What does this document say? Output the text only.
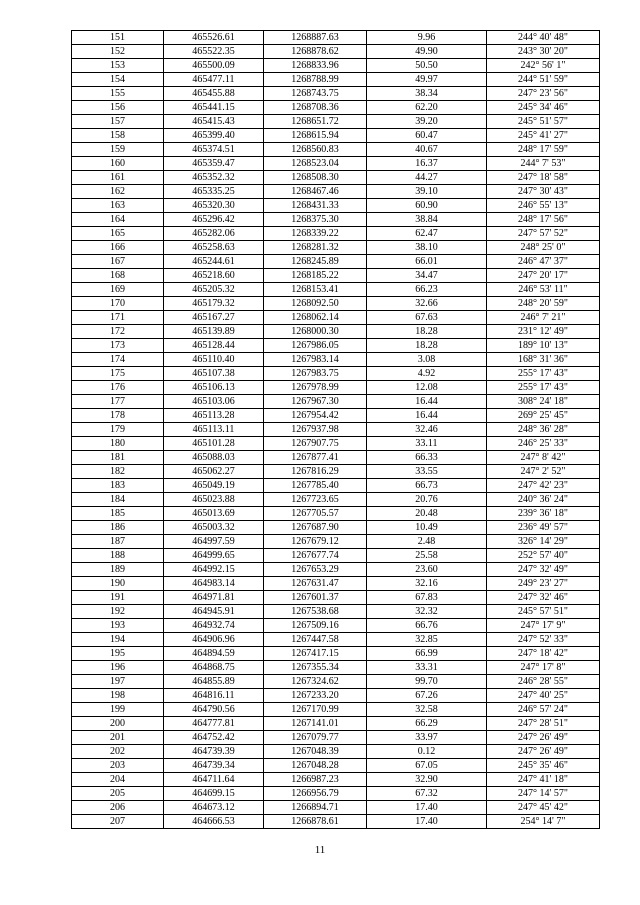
151	465526.61	1268887.63	9.96	244° 40' 48"
152	465522.35	1268878.62	49.90	243° 30' 20"
153	465500.09	1268833.96	50.50	242° 56' 1"
154	465477.11	1268788.99	49.97	244° 51' 59"
155	465455.88	1268743.75	38.34	247° 23' 56"
156	465441.15	1268708.36	62.20	245° 34' 46"
157	465415.43	1268651.72	39.20	245° 51' 57"
158	465399.40	1268615.94	60.47	245° 41' 27"
159	465374.51	1268560.83	40.67	248° 17' 59"
160	465359.47	1268523.04	16.37	244° 7' 53"
161	465352.32	1268508.30	44.27	247° 18' 58"
162	465335.25	1268467.46	39.10	247° 30' 43"
163	465320.30	1268431.33	60.90	246° 55' 13"
164	465296.42	1268375.30	38.84	248° 17' 56"
165	465282.06	1268339.22	62.47	247° 57' 52"
166	465258.63	1268281.32	38.10	248° 25' 0"
167	465244.61	1268245.89	66.01	246° 47' 37"
168	465218.60	1268185.22	34.47	247° 20' 17"
169	465205.32	1268153.41	66.23	246° 53' 11"
170	465179.32	1268092.50	32.66	248° 20' 59"
171	465167.27	1268062.14	67.63	246° 7' 21"
172	465139.89	1268000.30	18.28	231° 12' 49"
173	465128.44	1267986.05	18.28	189° 10' 13"
174	465110.40	1267983.14	3.08	168° 31' 36"
175	465107.38	1267983.75	4.92	255° 17' 43"
176	465106.13	1267978.99	12.08	255° 17' 43"
177	465103.06	1267967.30	16.44	308° 24' 18"
178	465113.28	1267954.42	16.44	269° 25' 45"
179	465113.11	1267937.98	32.46	248° 36' 28"
180	465101.28	1267907.75	33.11	246° 25' 33"
181	465088.03	1267877.41	66.33	247° 8' 42"
182	465062.27	1267816.29	33.55	247° 2' 52"
183	465049.19	1267785.40	66.73	247° 42' 23"
184	465023.88	1267723.65	20.76	240° 36' 24"
185	465013.69	1267705.57	20.48	239° 36' 18"
186	465003.32	1267687.90	10.49	236° 49' 57"
187	464997.59	1267679.12	2.48	326° 14' 29"
188	464999.65	1267677.74	25.58	252° 57' 40"
189	464992.15	1267653.29	23.60	247° 32' 49"
190	464983.14	1267631.47	32.16	249° 23' 27"
191	464971.81	1267601.37	67.83	247° 32' 46"
192	464945.91	1267538.68	32.32	245° 57' 51"
193	464932.74	1267509.16	66.76	247° 17' 9"
194	464906.96	1267447.58	32.85	247° 52' 33"
195	464894.59	1267417.15	66.99	247° 18' 42"
196	464868.75	1267355.34	33.31	247° 17' 8"
197	464855.89	1267324.62	99.70	246° 28' 55"
198	464816.11	1267233.20	67.26	247° 40' 25"
199	464790.56	1267170.99	32.58	246° 57' 24"
200	464777.81	1267141.01	66.29	247° 28' 51"
201	464752.42	1267079.77	33.97	247° 26' 49"
202	464739.39	1267048.39	0.12	247° 26' 49"
203	464739.34	1267048.28	67.05	245° 35' 46"
204	464711.64	1266987.23	32.90	247° 41' 18"
205	464699.15	1266956.79	67.32	247° 14' 57"
206	464673.12	1266894.71	17.40	247° 45' 42"
207	464666.53	1266878.61	17.40	254° 14' 7"
11
